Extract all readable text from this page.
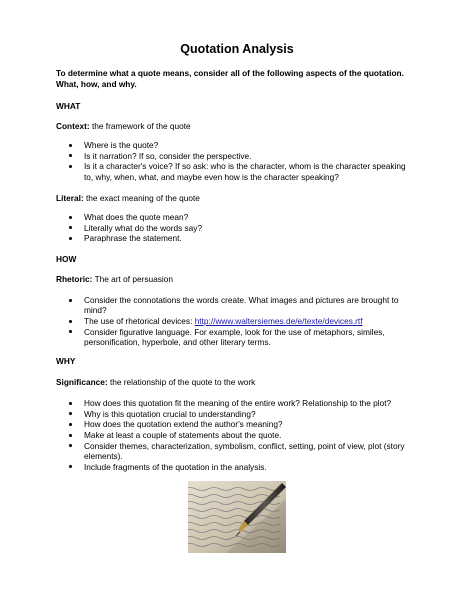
Quotation Analysis
To determine what a quote means, consider all of the following aspects of the quotation. What, how, and why.
WHAT
Context: the framework of the quote
Where is the quote?
Is it narration? If so, consider the perspective.
Is it a character's voice? If so ask: who is the character, whom is the character speaking to, why, when, what, and maybe even how is the character speaking?
Literal: the exact meaning of the quote
What does the quote mean?
Literally what do the words say?
Paraphrase the statement.
HOW
Rhetoric: The art of persuasion
Consider the connotations the words create. What images and pictures are brought to mind?
The use of rhetorical devices: http://www.waltersiemes.de/e/texte/devices.rtf
Consider figurative language. For example, look for the use of metaphors, similes, personification, hyperbole, and other literary terms.
WHY
Significance: the relationship of the quote to the work
How does this quotation fit the meaning of the entire work? Relationship to the plot?
Why is this quotation crucial to understanding?
How does the quotation extend the author's meaning?
Make at least a couple of statements about the quote.
Consider themes, characterization, symbolism, conflict, setting, point of view, plot (story elements).
Include fragments of the quotation in the analysis.
